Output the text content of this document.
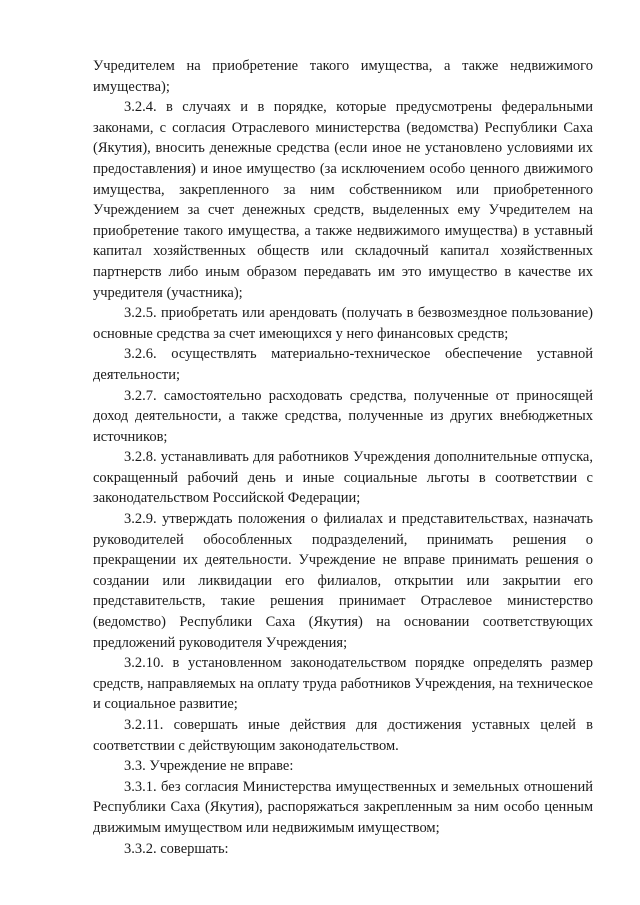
Учредителем на приобретение такого имущества, а также недвижимого имущества);

3.2.4. в случаях и в порядке, которые предусмотрены федеральными законами, с согласия Отраслевого министерства (ведомства) Республики Саха (Якутия), вносить денежные средства (если иное не установлено условиями их предоставления) и иное имущество (за исключением особо ценного движимого имущества, закрепленного за ним собственником или приобретенного Учреждением за счет денежных средств, выделенных ему Учредителем на приобретение такого имущества, а также недвижимого имущества) в уставный капитал хозяйственных обществ или складочный капитал хозяйственных партнерств либо иным образом передавать им это имущество в качестве их учредителя (участника);

3.2.5. приобретать или арендовать (получать в безвозмездное пользование) основные средства за счет имеющихся у него финансовых средств;

3.2.6. осуществлять материально-техническое обеспечение уставной деятельности;

3.2.7. самостоятельно расходовать средства, полученные от приносящей доход деятельности, а также средства, полученные из других внебюджетных источников;

3.2.8. устанавливать для работников Учреждения дополнительные отпуска, сокращенный рабочий день и иные социальные льготы в соответствии с законодательством Российской Федерации;

3.2.9. утверждать положения о филиалах и представительствах, назначать руководителей обособленных подразделений, принимать решения о прекращении их деятельности. Учреждение не вправе принимать решения о создании или ликвидации его филиалов, открытии или закрытии его представительств, такие решения принимает Отраслевое министерство (ведомство) Республики Саха (Якутия) на основании соответствующих предложений руководителя Учреждения;

3.2.10. в установленном законодательством порядке определять размер средств, направляемых на оплату труда работников Учреждения, на техническое и социальное развитие;

3.2.11. совершать иные действия для достижения уставных целей в соответствии с действующим законодательством.

3.3. Учреждение не вправе:

3.3.1. без согласия Министерства имущественных и земельных отношений Республики Саха (Якутия), распоряжаться закрепленным за ним особо ценным движимым имуществом или недвижимым имуществом;

3.3.2. совершать:
